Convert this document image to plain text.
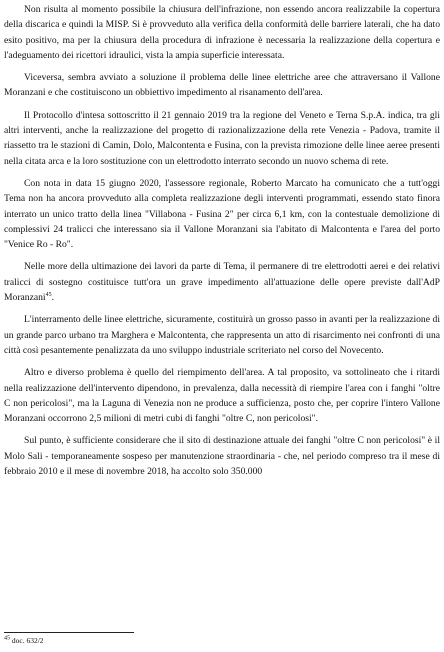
Non risulta al momento possibile la chiusura dell'infrazione, non essendo ancora realizzabile la copertura della discarica e quindi la MISP. Si è provveduto alla verifica della conformità delle barriere laterali, che ha dato esito positivo, ma per la chiusura della procedura di infrazione è necessaria la realizzazione della copertura e l'adeguamento dei ricettori idraulici, vista la ampia superficie interessata.

Viceversa, sembra avviato a soluzione il problema delle linee elettriche aree che attraversano il Vallone Moranzani e che costituiscono un obbiettivo impedimento al risanamento dell'area.

Il Protocollo d'intesa sottoscritto il 21 gennaio 2019 tra la regione del Veneto e Terna S.p.A. indica, tra gli altri interventi, anche la realizzazione del progetto di razionalizzazione della rete Venezia - Padova, tramite il riassetto tra le stazioni di Camin, Dolo, Malcontenta e Fusina, con la prevista rimozione delle linee aeree presenti nella citata arca e la loro sostituzione con un elettrodotto interrato secondo un nuovo schema di rete.

Con nota in data 15 giugno 2020, l'assessore regionale, Roberto Marcato ha comunicato che a tutt'oggi Tema non ha ancora provveduto alla completa realizzazione degli interventi programmati, essendo stato finora interrato un unico tratto della linea "Villabona - Fusina 2" per circa 6,1 km, con la contestuale demolizione di complessivi 24 tralicci che interessano sia il Vallone Moranzani sia l'abitato di Malcontenta e l'area del porto "Venice Ro - Ro".

Nelle more della ultimazione dei lavori da parte di Tema, il permanere di tre elettrodotti aerei e dei relativi tralicci di sostegno costituisce tutt'ora un grave impedimento all'attuazione delle opere previste dall'AdP Moranzani$^{45}$.

L'interramento delle linee elettriche, sicuramente, costituirà un grosso passo in avanti per la realizzazione di un grande parco urbano tra Marghera e Malcontenta, che rappresenta un atto di risarcimento nei confronti di una città così pesantemente penalizzata da uno sviluppo industriale scriteriato nel corso del Novecento.

Altro e diverso problema è quello del riempimento dell'area. A tal proposito, va sottolineato che i ritardi nella realizzazione dell'intervento dipendono, in prevalenza, dalla necessità di riempire l'area con i fanghi "oltre C non pericolosi", ma la Laguna di Venezia non ne produce a sufficienza, posto che, per coprire l'intero Vallone Moranzani occorrono 2,5 milioni di metri cubi di fanghi "oltre C, non pericolosi".

Sul punto, è sufficiente considerare che il sito di destinazione attuale dei fanghi "oltre C non pericolosi" è il Molo Sali - temporaneamente sospeso per manutenzione straordinaria - che, nel periodo compreso tra il mese di febbraio 2010 e il mese di novembre 2018, ha accolto solo 350.000

$^{45}$ doc. 632/2
